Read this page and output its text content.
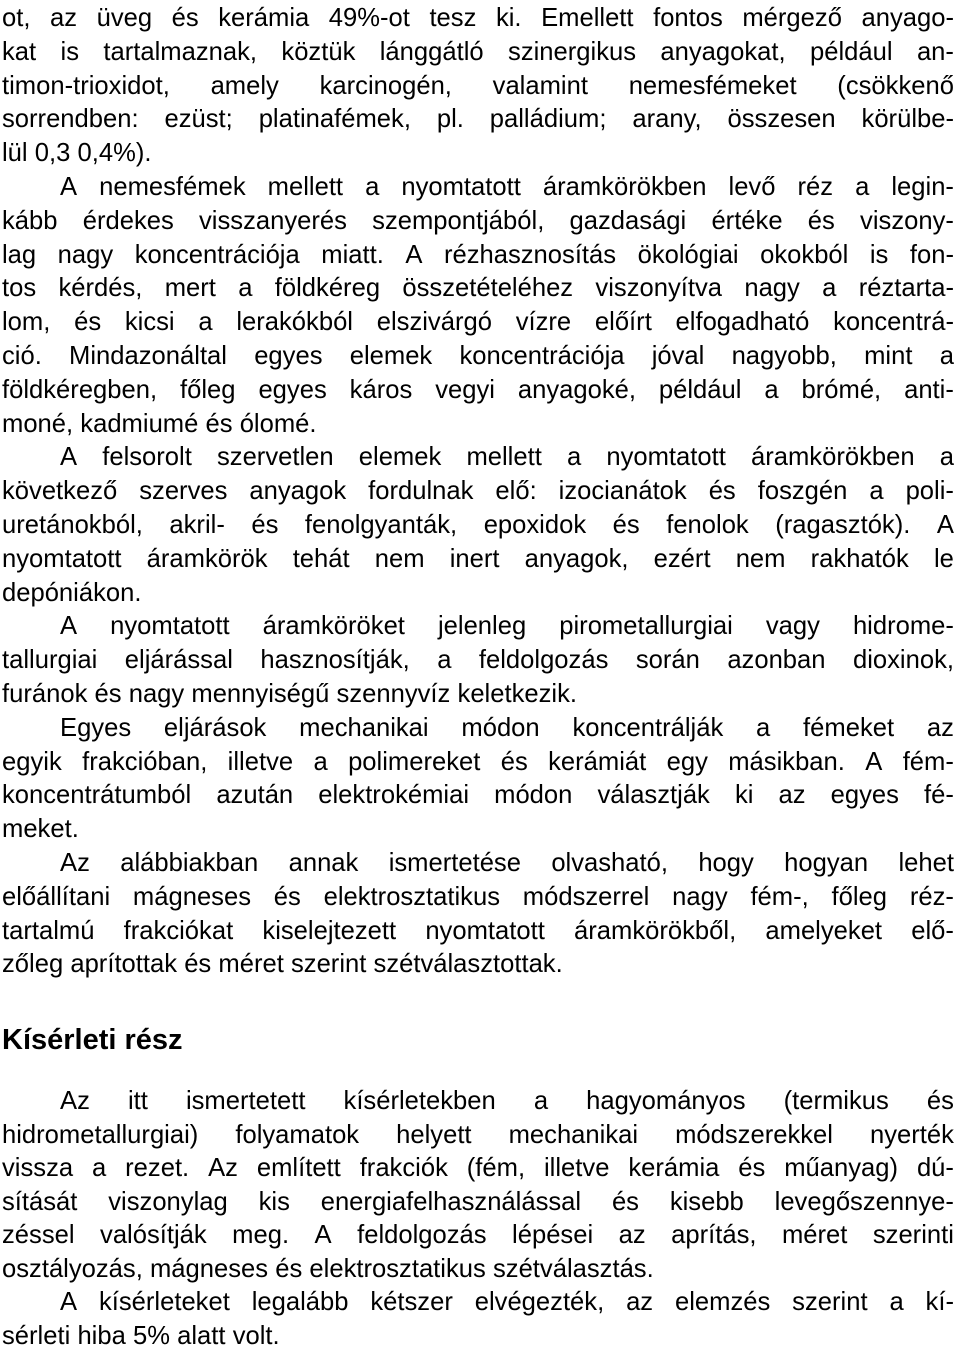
ot, az üveg és kerámia 49%-ot tesz ki. Emellett fontos mérgező anyago-
kat is tartalmaznak, köztük lánggátló szinergikus anyagokat, például an-
timon-trioxidot, amely karcinogén, valamint nemesfémeket (csökkenő
sorrendben: ezüst; platinafémek, pl. palládium; arany, összesen körülbe-
lül 0,3 0,4%).
A nemesfémek mellett a nyomtatott áramkörökben levő réz a legin-
kább érdekes visszanyerés szempontjából, gazdasági értéke és viszony-
lag nagy koncentrációja miatt. A rézhasznosítás ökológiai okokból is fon-
tos kérdés, mert a földkéreg összetételéhez viszonyítva nagy a réztarta-
lom, és kicsi a lerakókból elszivárgó vízre előírt elfogadható koncentrá-
ció. Mindazonáltal egyes elemek koncentrációja jóval nagyobb, mint a
földkéregben, főleg egyes káros vegyi anyagoké, például a brómé, anti-
moné, kadmiumé és ólomé.
A felsorolt szervetlen elemek mellett a nyomtatott áramkörökben a
következő szerves anyagok fordulnak elő: izocianátok és foszgén a poli-
uretánokból, akril- és fenolgyanták, epoxidok és fenolok (ragasztók). A
nyomtatott áramkörök tehát nem inert anyagok, ezért nem rakhatók le
depóniákon.
A nyomtatott áramköröket jelenleg pirometallurgiai vagy hidrome-
tallurgiai eljárással hasznosítják, a feldolgozás során azonban dioxinok,
furánok és nagy mennyiségű szennyvíz keletkezik.
Egyes eljárások mechanikai módon koncentrálják a fémeket az
egyik frakcióban, illetve a polimereket és kerámiát egy másikban. A fém-
koncentrátumból azután elektrokémiai módon választják ki az egyes fé-
meket.
Az alábbiakban annak ismertetése olvasható, hogy hogyan lehet
előállítani mágneses és elektrosztatikus módszerrel nagy fém-, főleg réz-
tartalmú frakciókat kiselejtezett nyomtatott áramkörökből, amelyeket elő-
zőleg aprítottak és méret szerint szétválasztottak.
Kísérleti rész
Az itt ismertetett kísérletekben a hagyományos (termikus és
hidrometallurgiai) folyamatok helyett mechanikai módszerekkel nyerték
vissza a rezet. Az említett frakciók (fém, illetve kerámia és műanyag) dú-
sítását viszonylag kis energiafelhasználással és kisebb levegőszennye-
zéssel valósítják meg. A feldolgozás lépései az aprítás, méret szerinti
osztályozás, mágneses és elektrosztatikus szétválasztás.
A kísérleteket legalább kétszer elvégezték, az elemzés szerint a kí-
sérleti hiba 5% alatt volt.
